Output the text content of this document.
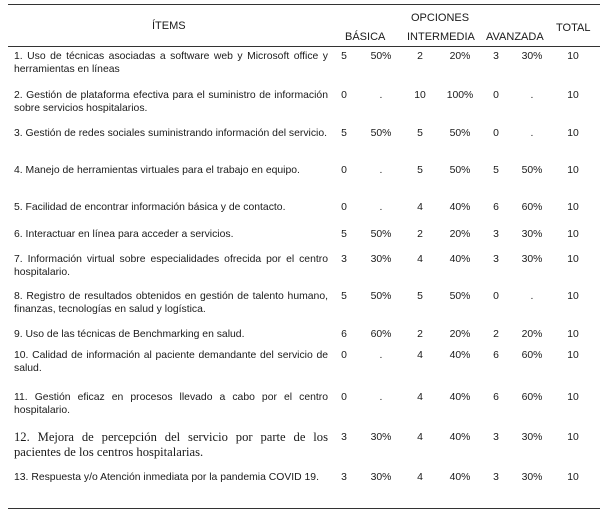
ÍTEMS
OPCIONES
BÁSICA INTERMEDIA AVANZADA
TOTAL
1. Uso de técnicas asociadas a software web y Microsoft office y herramientas en líneas
5	50%	2	20%	3	30%	10
2. Gestión de plataforma efectiva para el suministro de información sobre servicios hospitalarios.
0	.	10	100%	0	.	10
3. Gestión de redes sociales suministrando información del servicio.	5	50%	5	50%	0	.	10
4. Manejo de herramientas virtuales para el trabajo en equipo.	0	.	5	50%	5	50%	10
5. Facilidad de encontrar información básica y de contacto.	0	.	4	40%	6	60%	10
6. Interactuar en línea para acceder a servicios.	5	50%	2	20%	3	30%	10
7. Información virtual sobre especialidades ofrecida por el centro hospitalario.
3	30%	4	40%	3	30%	10
8. Registro de resultados obtenidos en gestión de talento humano, finanzas, tecnologías en salud y logística.
5	50%	5	50%	0	.	10
9. Uso de las técnicas de Benchmarking en salud.	6	60%	2	20%	2	20%	10
10. Calidad de información al paciente demandante del servicio de salud.
0	.	4	40%	6	60%	10
11. Gestión eficaz en procesos llevado a cabo por el centro hospitalario.
0	.	4	40%	6	60%	10
12. Mejora de percepción del servicio por parte de los pacientes de los centros hospitalarias.
3	30%	4	40%	3	30%	10
13. Respuesta y/o Atención inmediata por la pandemia COVID 19.	3	30%	4	40%	3	30%	10
